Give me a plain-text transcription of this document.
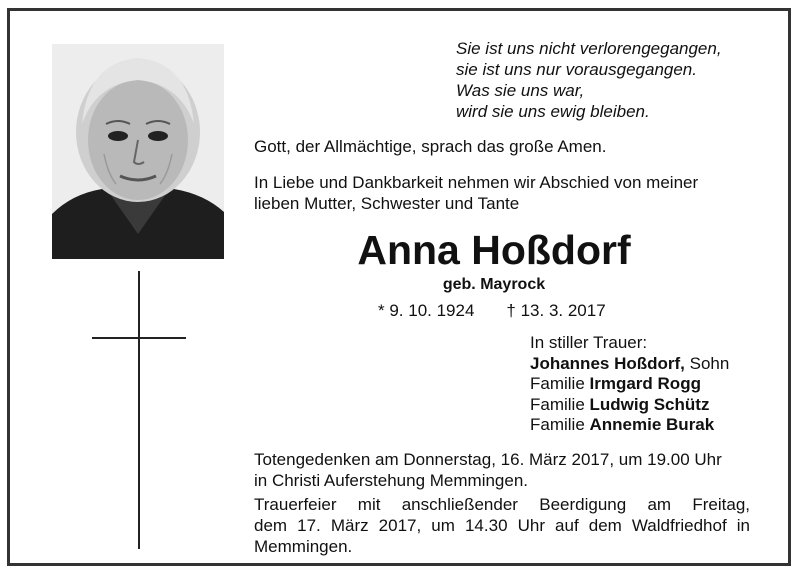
Sie ist uns nicht verlorengegangen,
sie ist uns nur vorausgegangen.
Was sie uns war,
wird sie uns ewig bleiben.
Gott, der Allmächtige, sprach das große Amen.
In Liebe und Dankbarkeit nehmen wir Abschied von meiner
lieben Mutter, Schwester und Tante
Anna Hoßdorf
geb. Mayrock
* 9. 10. 1924 † 13. 3. 2017
In stiller Trauer:
Johannes Hoßdorf, Sohn
Familie Irmgard Rogg
Familie Ludwig Schütz
Familie Annemie Burak
Totengedenken am Donnerstag, 16. März 2017, um 19.00 Uhr
in Christi Auferstehung Memmingen.
Trauerfeier mit anschließender Beerdigung am Freitag,
dem 17. März 2017, um 14.30 Uhr auf dem Waldfriedhof in
Memmingen.
